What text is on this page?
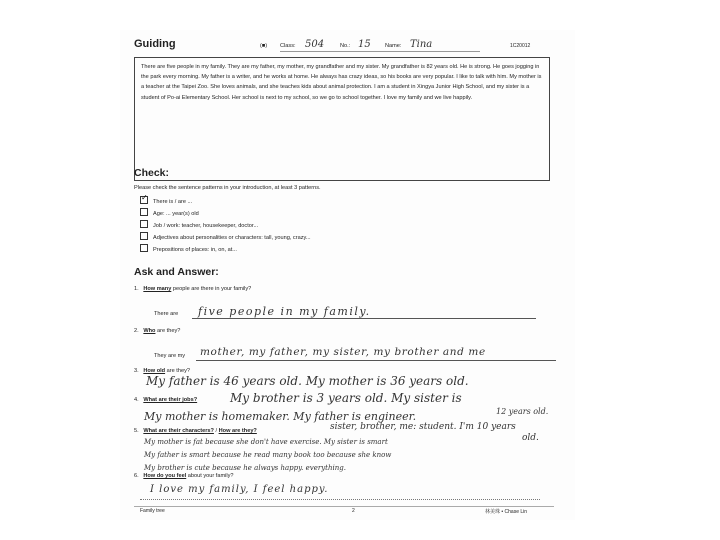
Guiding	(■) Class: 504	No.: 15	Name: Tina	1C20012
There are five people in my family. They are my father, my mother, my grandfather and my sister. My grandfather is 82 years old. He is strong. He goes jogging in the park every morning. My father is a writer, and he works at home. He always has crazy ideas, so his books are very popular. I like to talk with him. My mother is a teacher at the Taipei Zoo. She loves animals, and she teaches kids about animal protection. I am a student in Xingya Junior High School, and my sister is a student of Po-ai Elementary School. Her school is next to my school, so we go to school together. I love my family and we live happily.
Check:
Please check the sentence patterns in your introduction, at least 3 patterns.
✓There is / are ...
Age: ... year(s) old
Job / work: teacher, housekeeper, doctor...
Adjectives about personalities or characters: tall, young, crazy...
Prepositions of places: in, on, at...
Ask and Answer:
1. How many people are there in your family?
There are five people in my family.
2. Who are they?
They are my mother, my father, my sister, my brother and me
3. How old are they?
My father is 46 years old. My mother is 36 years old.
4. What are their jobs?	My brother is 3 years old. My sister is
12 years old.
My mother is homemaker. My father is engineer.
5. What are their characters? / How are they?	sister, brother, me: student. I'm 10 years
old.
My mother is fat because she don't have exercise. My sister is smart
My father is smart because he read many book too because she know
My brother is cute because he always happy. everything.
6. How do you feel about your family?
I love my family, I feel happy.
Family tree	2	林美珠 • Chase Lin
